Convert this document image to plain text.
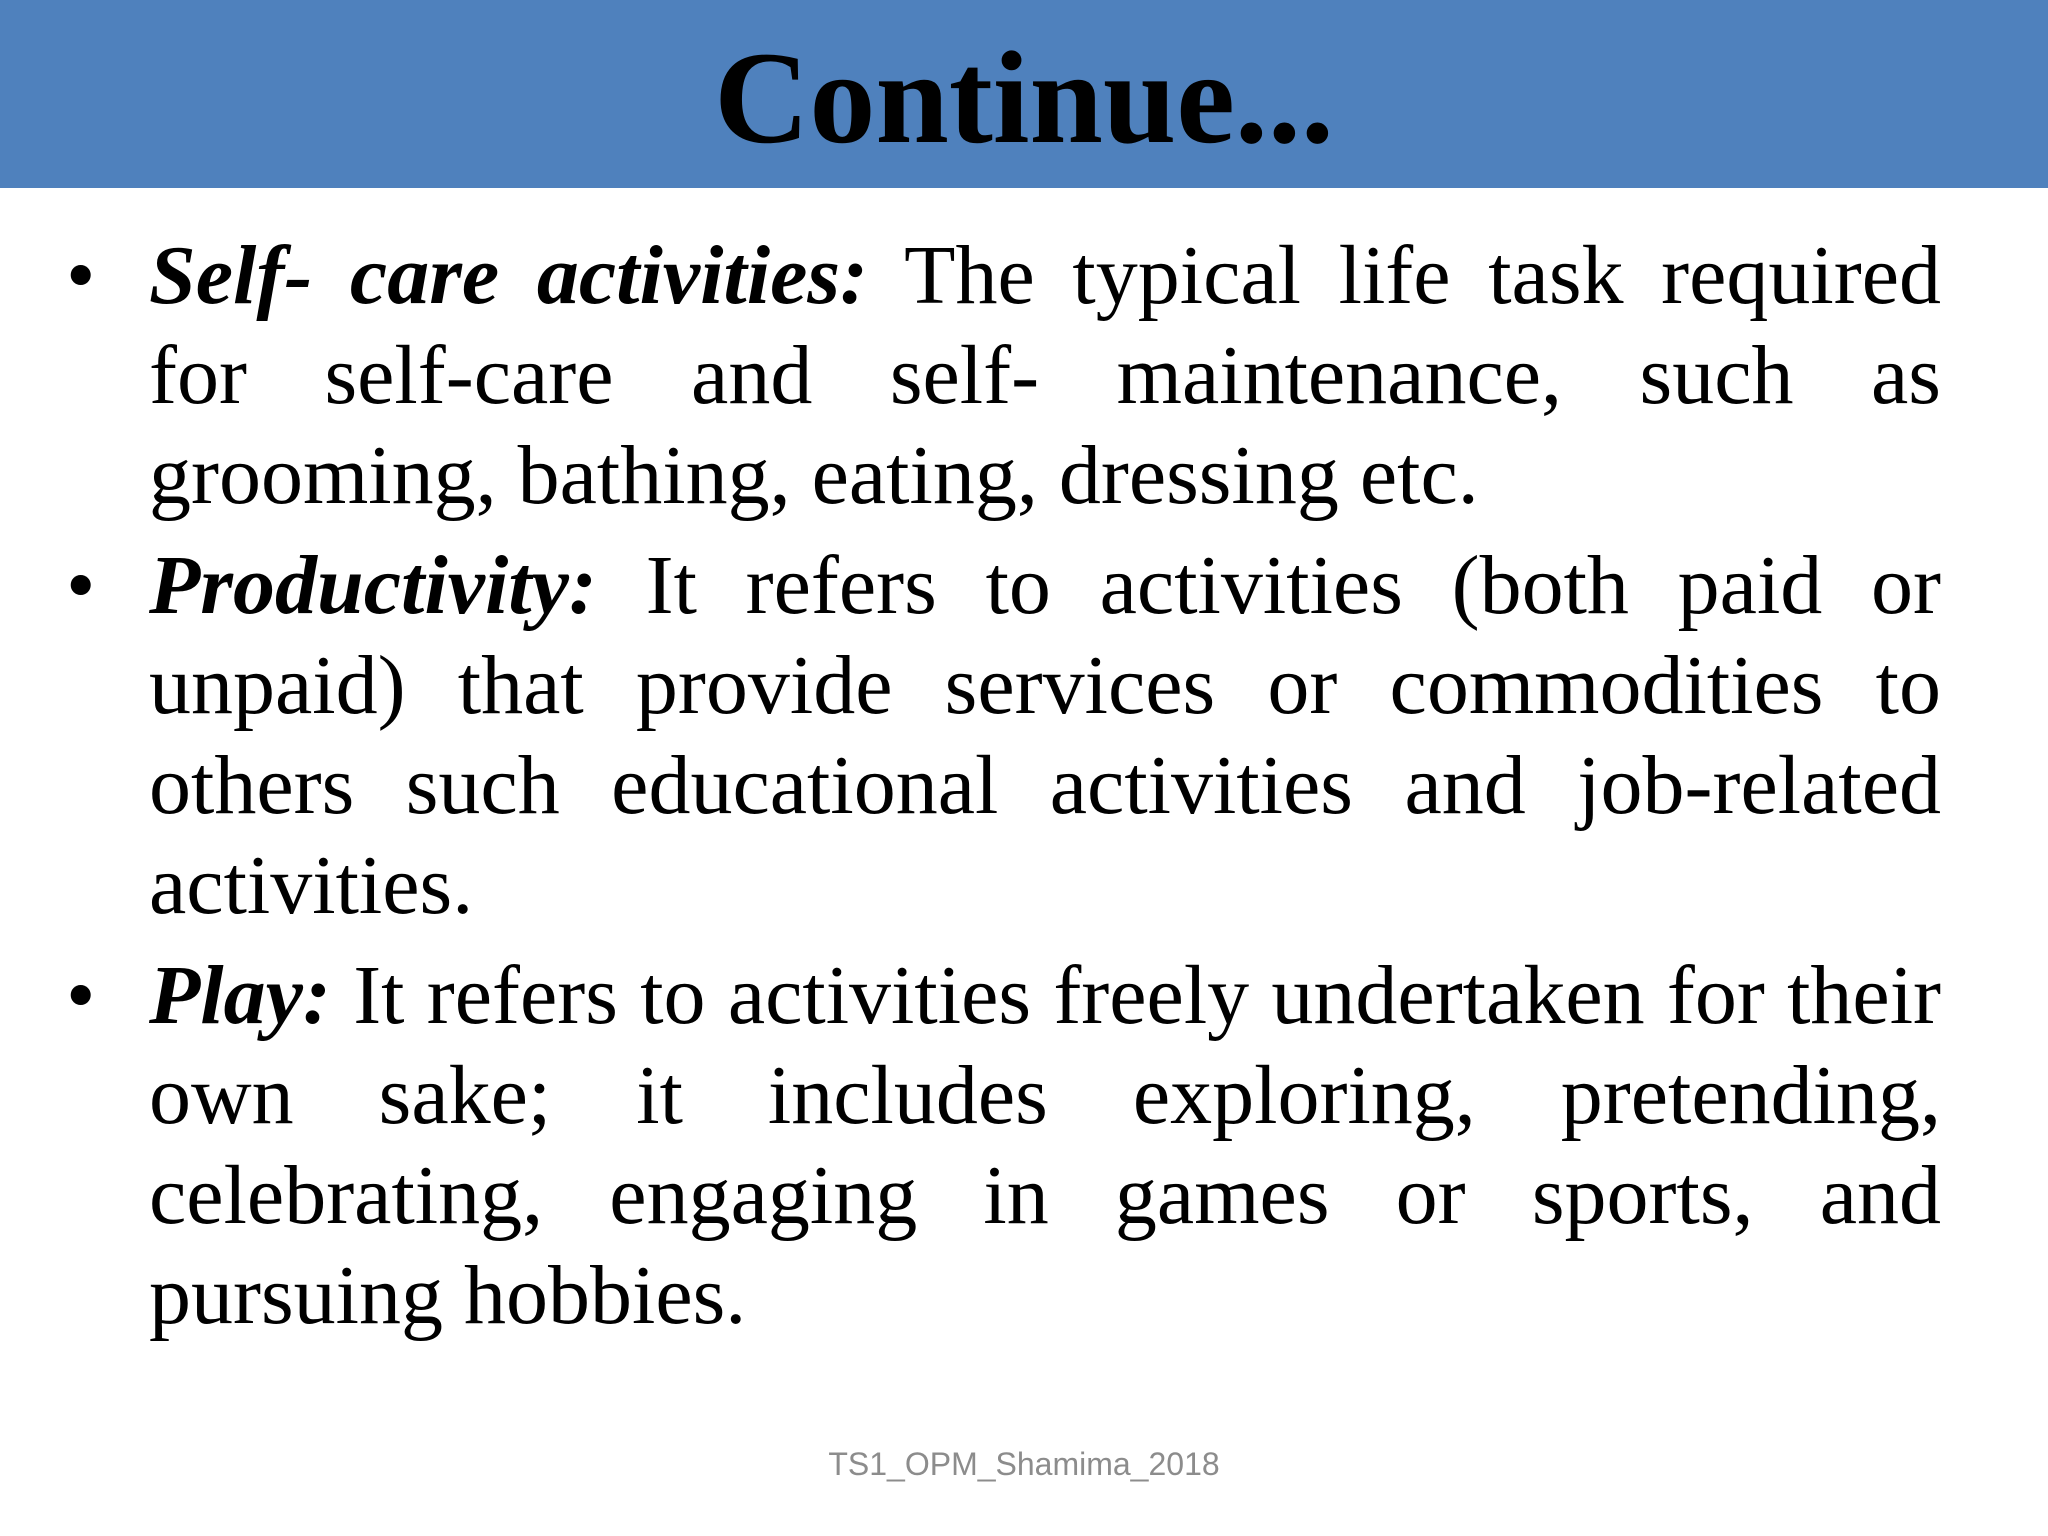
Continue...
• Self- care activities: The typical life task required for self-care and self- maintenance, such as grooming, bathing, eating, dressing etc.
• Productivity: It refers to activities (both paid or unpaid) that provide services or commodities to others such educational activities and job-related activities.
• Play: It refers to activities freely undertaken for their own sake; it includes exploring, pretending, celebrating, engaging in games or sports, and pursuing hobbies.
TS1_OPM_Shamima_2018
